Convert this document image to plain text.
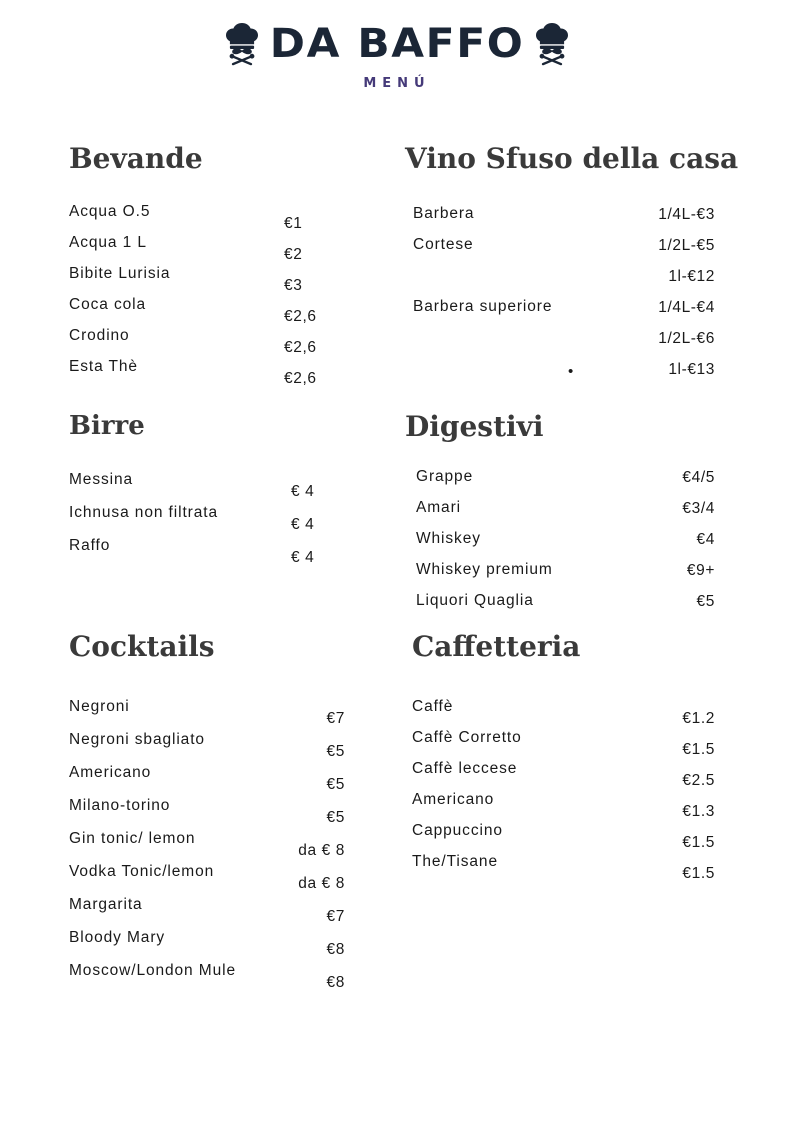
DA BAFFO
MENÚ
Bevande
Acqua O.5
€1
Acqua 1 L
€2
Bibite Lurisia
€3
Coca cola
€2,6
Crodino
€2,6
Esta Thè
€2,6
Vino Sfuso della casa
Barbera	1/4L-€3
Cortese	1/2L-€5
1l-€12
Barbera superiore	1/4L-€4
1/2L-€6
•	1l-€13
Birre
Messina
€ 4
Ichnusa non filtrata
€ 4
Raffo
€ 4
Digestivi
Grappe	€4/5
Amari	€3/4
Whiskey	€4
Whiskey premium	€9+
Liquori Quaglia	€5
Cocktails
Negroni
€7
Negroni sbagliato
€5
Americano
€5
Milano-torino
€5
Gin tonic/ lemon
da € 8
Vodka Tonic/lemon
da € 8
Margarita
€7
Bloody Mary
€8
Moscow/London Mule
€8
Caffetteria
Caffè
€1.2
Caffè Corretto
€1.5
Caffè leccese
€2.5
Americano
€1.3
Cappuccino
€1.5
The/Tisane
€1.5
